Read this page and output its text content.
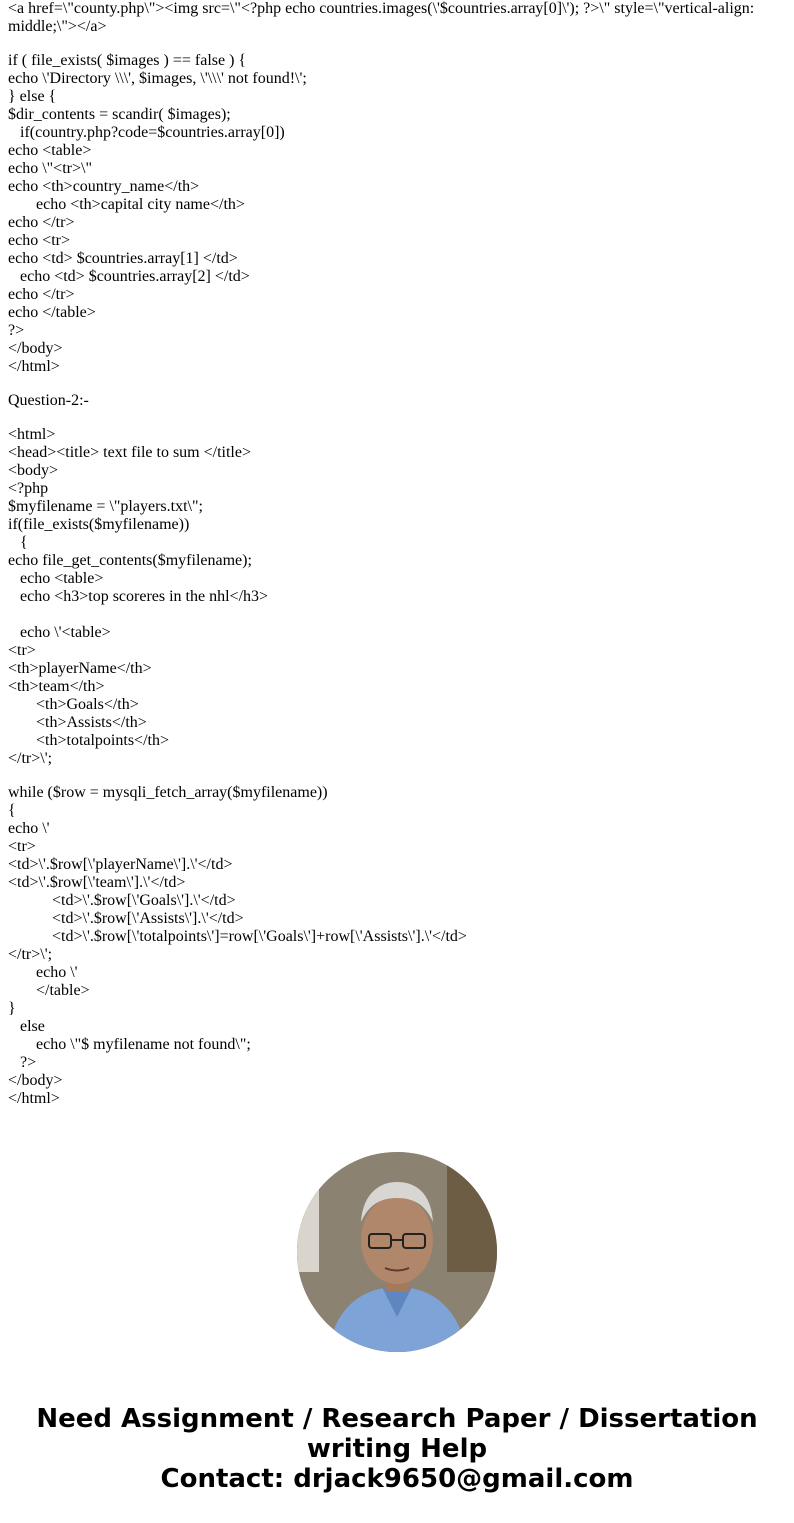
<a href=\"county.php\"><img src=\"<?php echo countries.images(\'$countries.array[0]\'); ?>\" style=\"vertical-align: middle;\"></a>
if ( file_exists( $images ) == false ) {
echo \'Directory \\\', $images, \'\\\' not found!\';
} else {
$dir_contents = scandir( $images);
if(country.php?code=$countries.array[0])
echo <table>
echo \"<tr>\"
echo <th>country_name</th>
echo <th>capital city name</th>
echo </tr>
echo <tr>
echo <td> $countries.array[1] </td>
echo <td> $countries.array[2] </td>
echo </tr>
echo </table>
?>
</body>
</html>
Question-2:-
<html>
<head><title> text file to sum </title>
<body>
<?php
$myfilename = \"players.txt\";
if(file_exists($myfilename))
{
echo file_get_contents($myfilename);
echo <table>
echo <h3>top scoreres in the nhl</h3>
echo \'<table>
<tr>
<th>playerName</th>
<th>team</th>
<th>Goals</th>
<th>Assists</th>
<th>totalpoints</th>
</tr>\';
while ($row = mysqli_fetch_array($myfilename))
{
echo \'
<tr>
<td>\'.$row[\'playerName\'].\'</td>
<td>\'.$row[\'team\'].\'</td>
<td>\'.$row[\'Goals\'].\'</td>
<td>\'.$row[\'Assists\'].\'</td>
<td>\'.$row[\'totalpoints\']=row[\'Goals\']+row[\'Assists\'].\'</td>
</tr>\';
echo \'
</table>
}
else
echo \"$ myfilename not found\";
?>
</body>
</html>
Need Assignment / Research Paper / Dissertation
writing Help
Contact: drjack9650@gmail.com
